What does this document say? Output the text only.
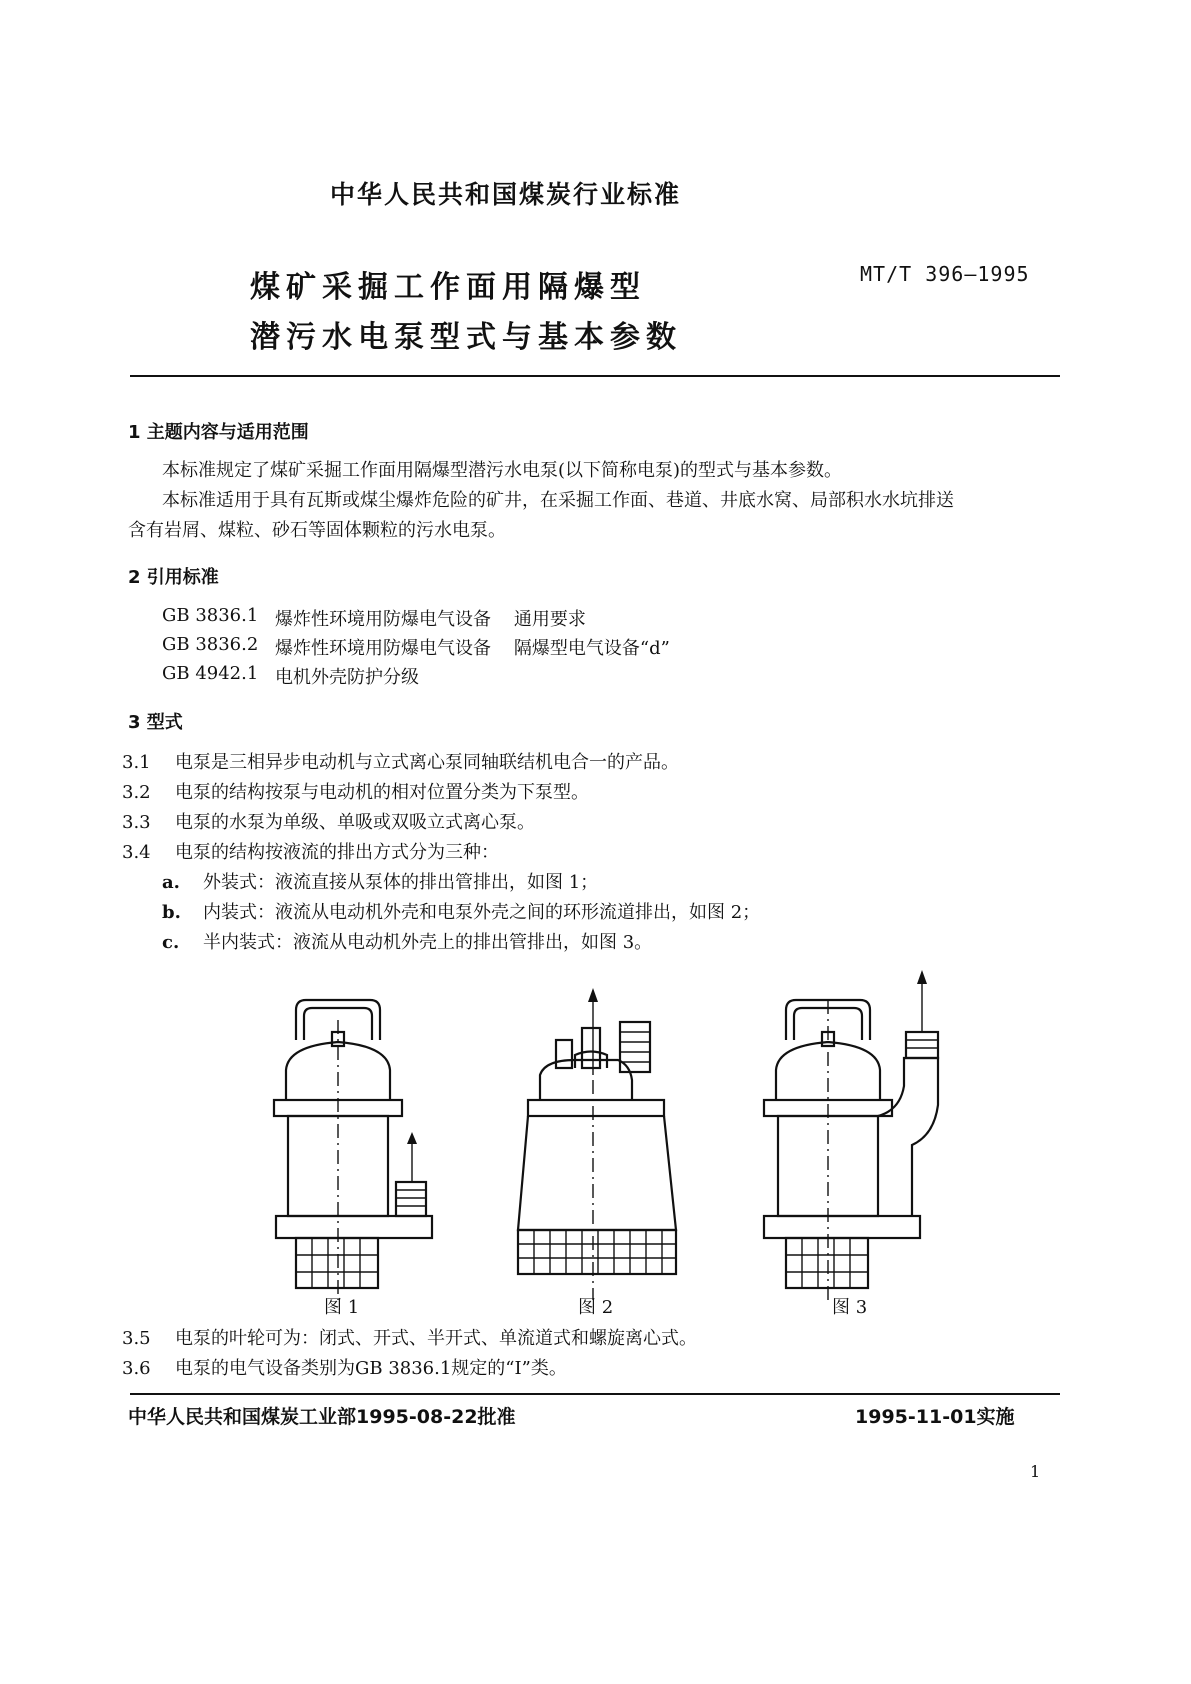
中华人民共和国煤炭行业标准
煤矿采掘工作面用隔爆型
潜污水电泵型式与基本参数
MT/T 396—1995
1 主题内容与适用范围
本标准规定了煤矿采掘工作面用隔爆型潜污水电泵(以下简称电泵)的型式与基本参数。
本标准适用于具有瓦斯或煤尘爆炸危险的矿井，在采掘工作面、巷道、井底水窝、局部积水水坑排送
含有岩屑、煤粒、砂石等固体颗粒的污水电泵。
2 引用标准
GB 3836.1 爆炸性环境用防爆电气设备    通用要求
GB 3836.2 爆炸性环境用防爆电气设备    隔爆型电气设备“d”
GB 4942.1 电机外壳防护分级
3 型式
3.1 电泵是三相异步电动机与立式离心泵同轴联结机电合一的产品。
3.2 电泵的结构按泵与电动机的相对位置分类为下泵型。
3.3 电泵的水泵为单级、单吸或双吸立式离心泵。
3.4 电泵的结构按液流的排出方式分为三种：
a. 外装式：液流直接从泵体的排出管排出，如图 1；
b. 内装式：液流从电动机外壳和电泵外壳之间的环形流道排出，如图 2；
c. 半内装式：液流从电动机外壳上的排出管排出，如图 3。
图 1	图 2	图 3
3.5 电泵的叶轮可为：闭式、开式、半开式、单流道式和螺旋离心式。
3.6 电泵的电气设备类别为GB 3836.1规定的“I”类。
中华人民共和国煤炭工业部1995-08-22批准	1995-11-01实施
1
